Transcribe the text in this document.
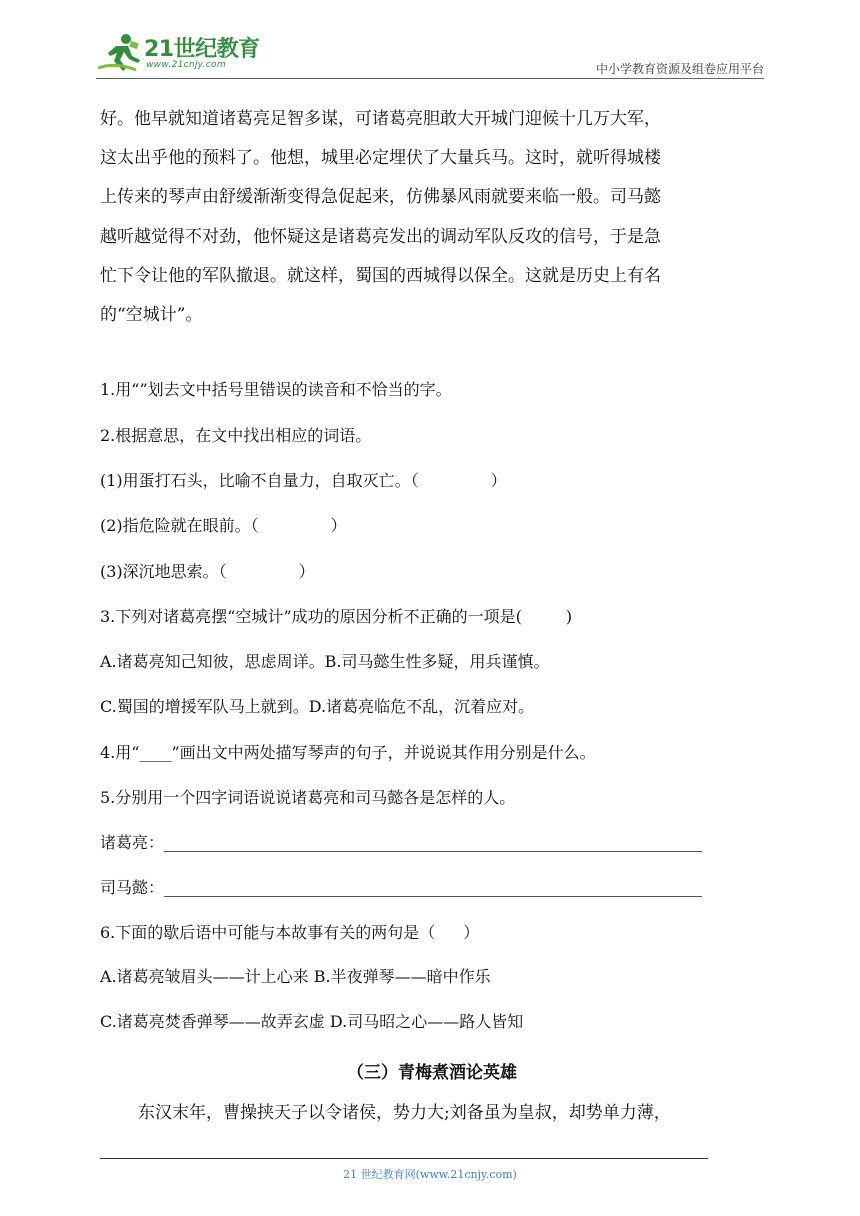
21世纪教育
www.21cnjy.com	中小学教育资源及组卷应用平台

好。他早就知道诸葛亮足智多谋，可诸葛亮胆敢大开城门迎候十几万大军，

这太出乎他的预料了。他想，城里必定埋伏了大量兵马。这时，就听得城楼

上传来的琴声由舒缓渐渐变得急促起来，仿佛暴风雨就要来临一般。司马懿

越听越觉得不对劲，他怀疑这是诸葛亮发出的调动军队反攻的信号，于是急

忙下令让他的军队撤退。就这样，蜀国的西城得以保全。这就是历史上有名

的“空城计”。

1.用“”划去文中括号里错误的读音和不恰当的字。

2.根据意思，在文中找出相应的词语。

(1)用蛋打石头，比喻不自量力，自取灭亡。（	）

(2)指危险就在眼前。（	）

(3)深沉地思索。（	）

3.下列对诸葛亮摆“空城计”成功的原因分析不正确的一项是(	)

A.诸葛亮知己知彼，思虑周详。B.司马懿生性多疑，用兵谨慎。

C.蜀国的增援军队马上就到。D.诸葛亮临危不乱，沉着应对。

4.用“____”画出文中两处描写琴声的句子，并说说其作用分别是什么。

5.分别用一个四字词语说说诸葛亮和司马懿各是怎样的人。

诸葛亮：

司马懿：

6.下面的歇后语中可能与本故事有关的两句是（ ）

A.诸葛亮皱眉头——计上心来 B.半夜弹琴——暗中作乐

C.诸葛亮焚香弹琴——故弄玄虚 D.司马昭之心——路人皆知

（三）青梅煮酒论英雄

东汉末年，曹操挟天子以令诸侯，势力大;刘备虽为皇叔，却势单力薄，

21 世纪教育网(www.21cnjy.com)
